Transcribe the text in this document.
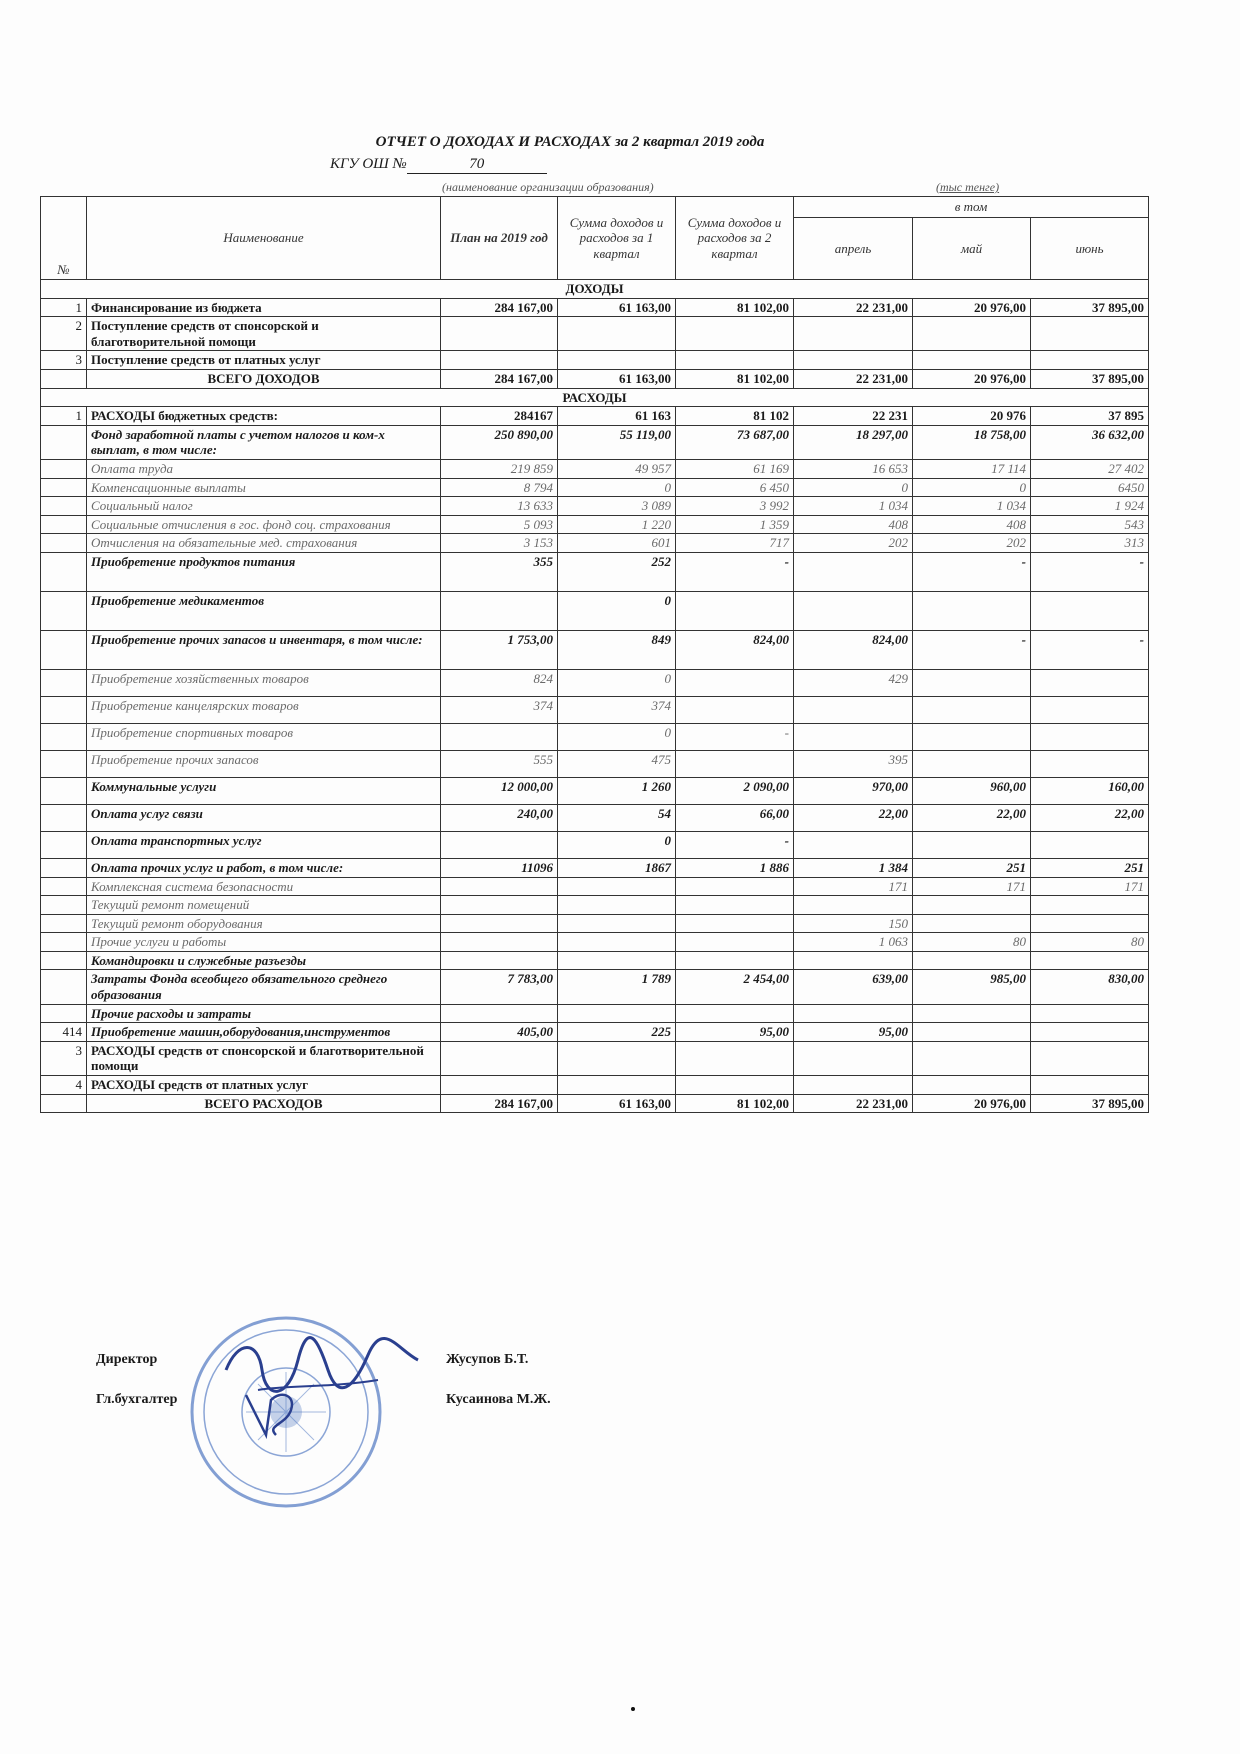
ОТЧЕТ О ДОХОДАХ И РАСХОДАХ за 2 квартал 2019 года
КГУ ОШ №	70
(наименование организации образования)	(тыс тенге)
№	Наименование	План на 2019 год	Сумма доходов и расходов за 1 квартал	Сумма доходов и расходов за 2 квартал	в том		
					апрель	май	июнь
ДОХОДЫ							
1	Финансирование из бюджета	284 167,00	61 163,00	81 102,00	22 231,00	20 976,00	37 895,00
2	Поступление средств от спонсорской и благотворительной помощи						
3	Поступление средств от платных услуг						
	ВСЕГО ДОХОДОВ	284 167,00	61 163,00	81 102,00	22 231,00	20 976,00	37 895,00
РАСХОДЫ							
1	РАСХОДЫ бюджетных средств:	284167	61 163	81 102	22 231	20 976	37 895
	Фонд заработной платы с учетом налогов и ком-х выплат, в том числе:	250 890,00	55 119,00	73 687,00	18 297,00	18 758,00	36 632,00
	Оплата труда	219 859	49 957	61 169	16 653	17 114	27 402
	Компенсационные выплаты	8 794	0	6 450	0	0	6450
	Социальный налог	13 633	3 089	3 992	1 034	1 034	1 924
	Социальные отчисления в гос. фонд соц. страхования	5 093	1 220	1 359	408	408	543
	Отчисления на обязательные мед. страхования	3 153	601	717	202	202	313
	Приобретение продуктов питания	355	252	-		-	-
	Приобретение медикаментов		0				
	Приобретение прочих запасов и инвентаря, в том числе:	1 753,00	849	824,00	824,00	-	-
	Приобретение хозяйственных товаров	824	0		429		
	Приобретение канцелярских товаров	374	374				
	Приобретение спортивных товаров		0	-			
	Приобретение прочих запасов	555	475		395		
	Коммунальные услуги	12 000,00	1 260	2 090,00	970,00	960,00	160,00
	Оплата услуг связи	240,00	54	66,00	22,00	22,00	22,00
	Оплата транспортных услуг		0	-			
	Оплата прочих услуг и работ, в том числе:	11096	1867	1 886	1 384	251	251
	Комплексная система безопасности				171	171	171
	Текущий ремонт помещений						
	Текущий ремонт оборудования				150		
	Прочие услуги и работы				1 063	80	80
	Командировки и служебные разъезды						
	Затраты Фонда всеобщего обязательного среднего образования	7 783,00	1 789	2 454,00	639,00	985,00	830,00
	Прочие расходы и затраты						
414	Приобретение машин,оборудования,инструментов	405,00	225	95,00	95,00		
3	РАСХОДЫ средств от спонсорской и благотворительной помощи						
4	РАСХОДЫ средств от платных услуг						
	ВСЕГО РАСХОДОВ	284 167,00	61 163,00	81 102,00	22 231,00	20 976,00	37 895,00
Директор	Жусупов Б.Т.
Гл.бухгалтер	Кусаинова М.Ж.
